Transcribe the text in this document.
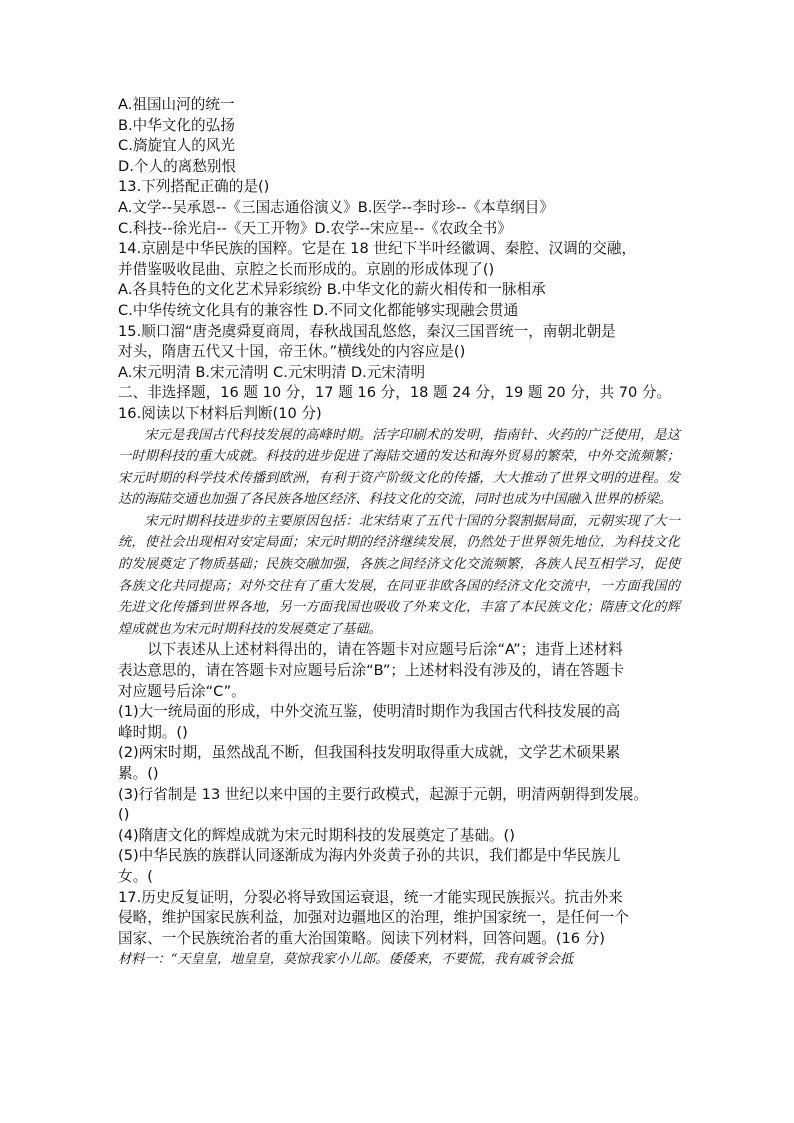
A.祖国山河的统一
B.中华文化的弘扬
C.旖旋宜人的风光
D.个人的离愁别恨
13.下列搭配正确的是()
A.文学--吴承恩--《三国志通俗演义》B.医学--李时珍--《本草纲目》
C.科技--徐光启--《天工开物》D.农学--宋应星--《农政全书》
14.京剧是中华民族的国粹。它是在 18 世纪下半叶经徽调、秦腔、汉调的交融，
并借鉴吸收昆曲、京腔之长而形成的。京剧的形成体现了()
A.各具特色的文化艺术异彩缤纷 B.中华文化的薪火相传和一脉相承
C.中华传统文化具有的兼容性 D.不同文化都能够实现融会贯通
15.顺口溜“唐尧虞舜夏商周，春秋战国乱悠悠，秦汉三国晋统一，南朝北朝是
对头，隋唐五代又十国，帝王休。”横线处的内容应是()
A.宋元明清 B.宋元清明 C.元宋明清 D.元宋清明
二、非选择题，16 题 10 分，17 题 16 分，18 题 24 分，19 题 20 分，共 70 分。
16.阅读以下材料后判断(10 分)

宋元是我国古代科技发展的高峰时期。活字印刷术的发明，指南针、火药的广泛使用，是这一时期科技的重大成就。科技的进步促进了海陆交通的发达和海外贸易的繁荣，中外交流频繁；宋元时期的科学技术传播到欧洲，有利于资产阶级文化的传播，大大推动了世界文明的进程。发达的海陆交通也加强了各民族各地区经济、科技文化的交流，同时也成为中国融入世界的桥梁。

宋元时期科技进步的主要原因包括：北宋结束了五代十国的分裂割据局面，元朝实现了大一统，使社会出现相对安定局面；宋元时期的经济继续发展，仍然处于世界领先地位，为科技文化的发展奠定了物质基础；民族交融加强，各族之间经济文化交流频繁，各族人民互相学习，促使各族文化共同提高；对外交往有了重大发展，在同亚非欧各国的经济文化交流中，一方面我国的先进文化传播到世界各地，另一方面我国也吸收了外来文化，丰富了本民族文化；隋唐文化的辉煌成就也为宋元时期科技的发展奠定了基础。

以下表述从上述材料得出的，请在答题卡对应题号后涂“A”；违背上述材料
表达意思的，请在答题卡对应题号后涂“B”；上述材料没有涉及的，请在答题卡
对应题号后涂“C”。
(1)大一统局面的形成，中外交流互鉴，使明清时期作为我国古代科技发展的高
峰时期。()
(2)两宋时期，虽然战乱不断，但我国科技发明取得重大成就，文学艺术硕果累
累。()
(3)行省制是 13 世纪以来中国的主要行政模式，起源于元朝，明清两朝得到发展。
()
(4)隋唐文化的辉煌成就为宋元时期科技的发展奠定了基础。()
(5)中华民族的族群认同逐渐成为海内外炎黄子孙的共识，我们都是中华民族儿
女。(
17.历史反复证明，分裂必将导致国运衰退，统一才能实现民族振兴。抗击外来
侵略，维护国家民族利益，加强对边疆地区的治理，维护国家统一，是任何一个
国家、一个民族统治者的重大治国策略。阅读下列材料，回答问题。(16 分)
材料一：“天皇皇，地皇皇，莫惊我家小儿郎。倭倭来，不要慌，我有戚爷会抵
